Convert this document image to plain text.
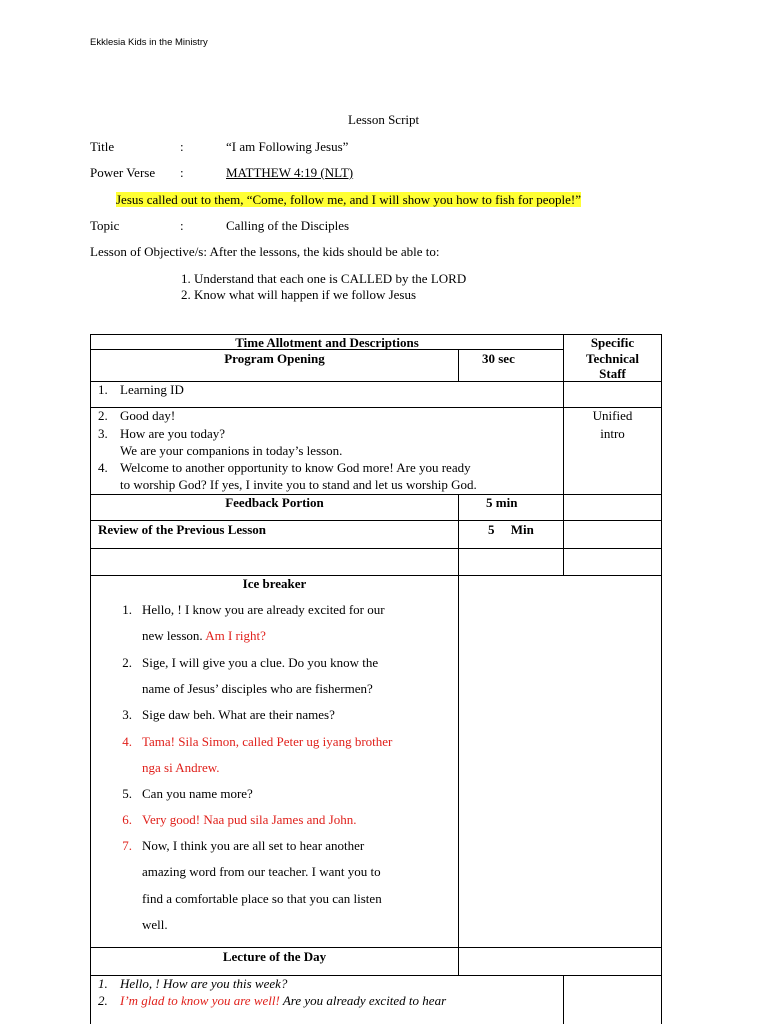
Ekklesia Kids in the Ministry
Lesson Script
Title	:	“I am Following Jesus”
Power Verse :	MATTHEW 4:19 (NLT)
Jesus called out to them, “Come, follow me, and I will show you how to fish for people!”
Topic	:	Calling of the Disciples
Lesson of Objective/s: After the lessons, the kids should be able to:
1. Understand that each one is CALLED by the LORD
2. Know what will happen if we follow Jesus
Time Allotment and Descriptions	Specific
Technical
Staff
Program Opening	30 sec
1. Learning ID
2. Good day!
3. How are you today?
We are your companions in today’s lesson.
4. Welcome to another opportunity to know God more! Are you ready
to worship God? If yes, I invite you to stand and let us worship God.
Unified
intro
Feedback Portion	5 min
Review of the Previous Lesson	5     Min
Ice breaker
1. Hello, ! I know you are already excited for our
new lesson. Am I right?
2. Sige, I will give you a clue. Do you know the
name of Jesus’ disciples who are fishermen?
3. Sige daw beh. What are their names?
4. Tama! Sila Simon, called Peter ug iyang brother
nga si Andrew.
5. Can you name more?
6. Very good! Naa pud sila James and John.
7. Now, I think you are all set to hear another
amazing word from our teacher. I want you to
find a comfortable place so that you can listen
well.
Lecture of the Day
1. Hello, ! How are you this week?
2. I’m glad to know you are well! Are you already excited to hear
